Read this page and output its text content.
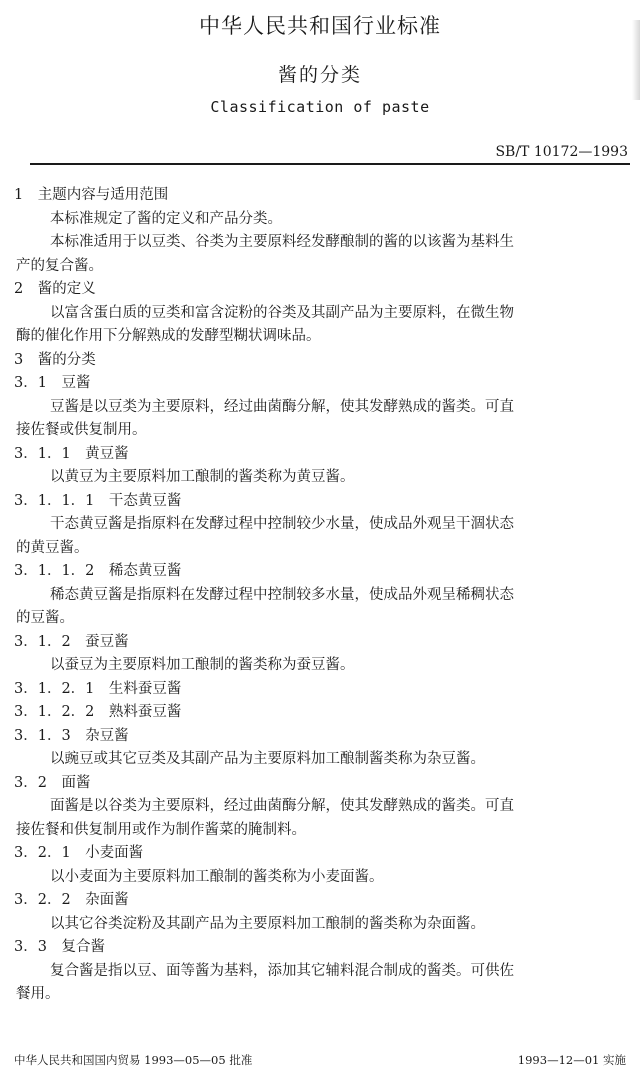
中华人民共和国行业标准
酱的分类
Classification of paste
SB/T 10172—1993
1　主题内容与适用范围
本标准规定了酱的定义和产品分类。
本标准适用于以豆类、谷类为主要原料经发酵酿制的酱的以该酱为基料生
产的复合酱。
2　酱的定义
以富含蛋白质的豆类和富含淀粉的谷类及其副产品为主要原料，在微生物
酶的催化作用下分解熟成的发酵型糊状调味品。
3　酱的分类
3．1　豆酱
豆酱是以豆类为主要原料，经过曲菌酶分解，使其发酵熟成的酱类。可直
接佐餐或供复制用。
3．1．1　黄豆酱
以黄豆为主要原料加工酿制的酱类称为黄豆酱。
3．1．1．1　干态黄豆酱
干态黄豆酱是指原料在发酵过程中控制较少水量，使成品外观呈干涸状态
的黄豆酱。
3．1．1．2　稀态黄豆酱
稀态黄豆酱是指原料在发酵过程中控制较多水量，使成品外观呈稀稠状态
的豆酱。
3．1．2　蚕豆酱
以蚕豆为主要原料加工酿制的酱类称为蚕豆酱。
3．1．2．1　生料蚕豆酱
3．1．2．2　熟料蚕豆酱
3．1．3　杂豆酱
以豌豆或其它豆类及其副产品为主要原料加工酿制酱类称为杂豆酱。
3．2　面酱
面酱是以谷类为主要原料，经过曲菌酶分解，使其发酵熟成的酱类。可直
接佐餐和供复制用或作为制作酱菜的腌制料。
3．2．1　小麦面酱
以小麦面为主要原料加工酿制的酱类称为小麦面酱。
3．2．2　杂面酱
以其它谷类淀粉及其副产品为主要原料加工酿制的酱类称为杂面酱。
3．3　复合酱
复合酱是指以豆、面等酱为基料，添加其它辅料混合制成的酱类。可供佐
餐用。
中华人民共和国国内贸易 1993—05—05 批准	1993—12—01 实施
